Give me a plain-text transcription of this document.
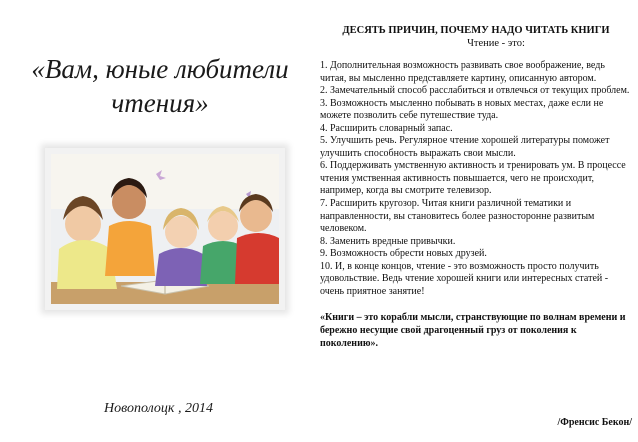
«Вам, юные любители чтения»
Новополоцк , 2014
ДЕСЯТЬ ПРИЧИН, ПОЧЕМУ НАДО ЧИТАТЬ КНИГИ
Чтение - это:

1. Дополнительная возможность развивать свое воображение, ведь читая, вы мысленно представляете картину, описанную автором.

2. Замечательный способ расслабиться и отвлечься от текущих проблем.

3. Возможность мысленно побывать в новых местах, даже если не можете позволить себе путешествие туда.

4. Расширить словарный запас.

5. Улучшить речь. Регулярное чтение хорошей литературы поможет улучшить способность выражать свои мысли.

6. Поддерживать умственную активность и тренировать ум. В процессе чтения умственная активность повышается, чего не происходит, например, когда вы смотрите телевизор.

7. Расширить кругозор. Читая книги различной тематики и направленности, вы становитесь более разносторонне развитым человеком.

8. Заменить вредные привычки.

9. Возможность обрести новых друзей.

10. И, в конце концов, чтение - это возможность просто получить удовольствие. Ведь чтение хорошей книги или интересных статей - очень приятное занятие!

«Книги – это корабли мысли, странствующие по волнам времени и бережно несущие свой драгоценный груз от поколения к поколению».
/Френсис Бекон/
